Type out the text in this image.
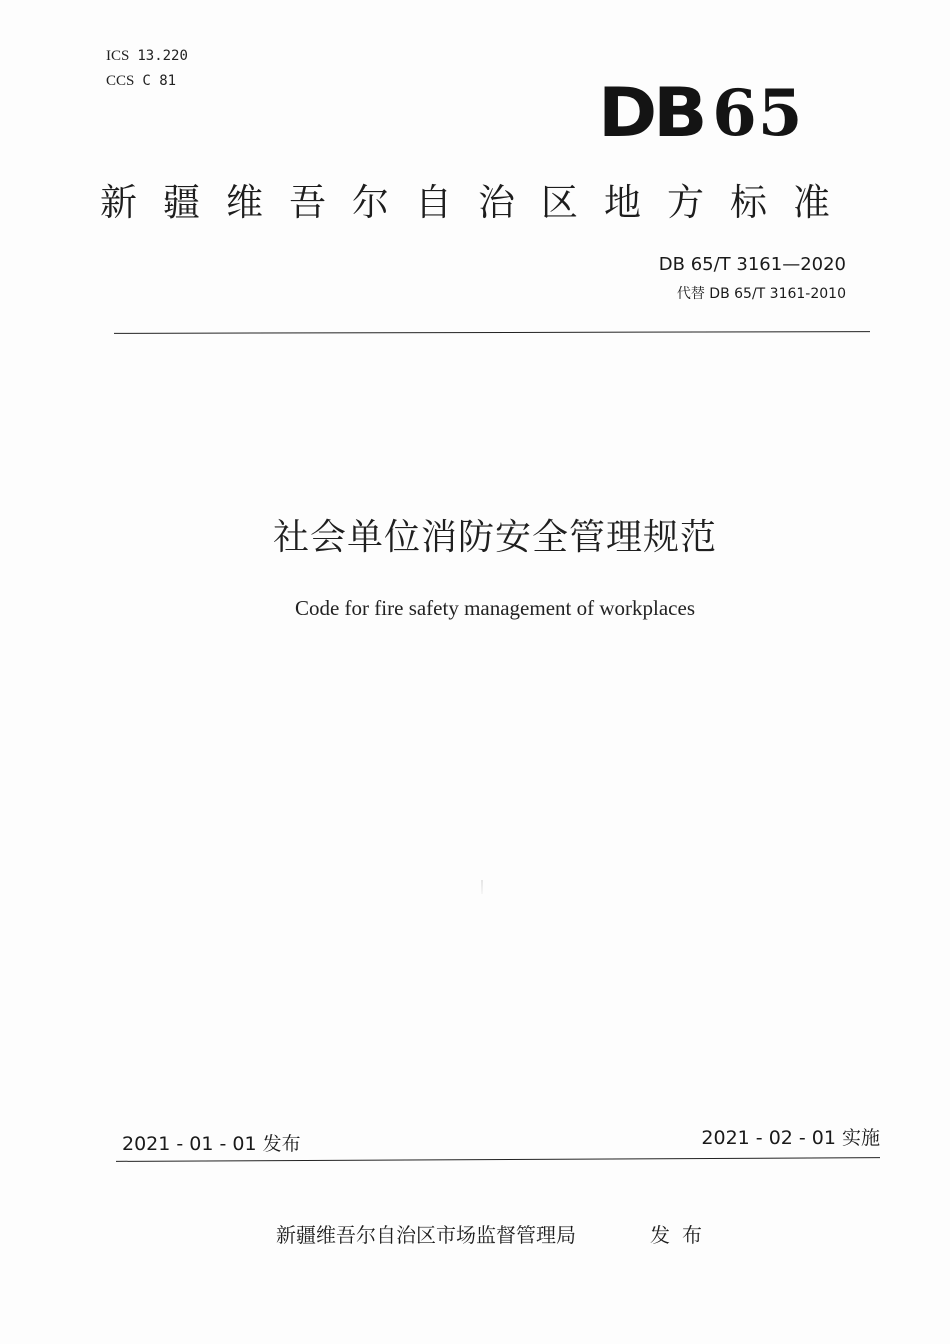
ICS 13.220
CCS C 81	DB 65
新疆维吾尔自治区地方标准
DB 65/T 3161—2020
代替 DB 65/T 3161-2010
社会单位消防安全管理规范
Code for fire safety management of workplaces
2021 - 01 - 01 发布	2021 - 02 - 01 实施
新疆维吾尔自治区市场监督管理局	发布
